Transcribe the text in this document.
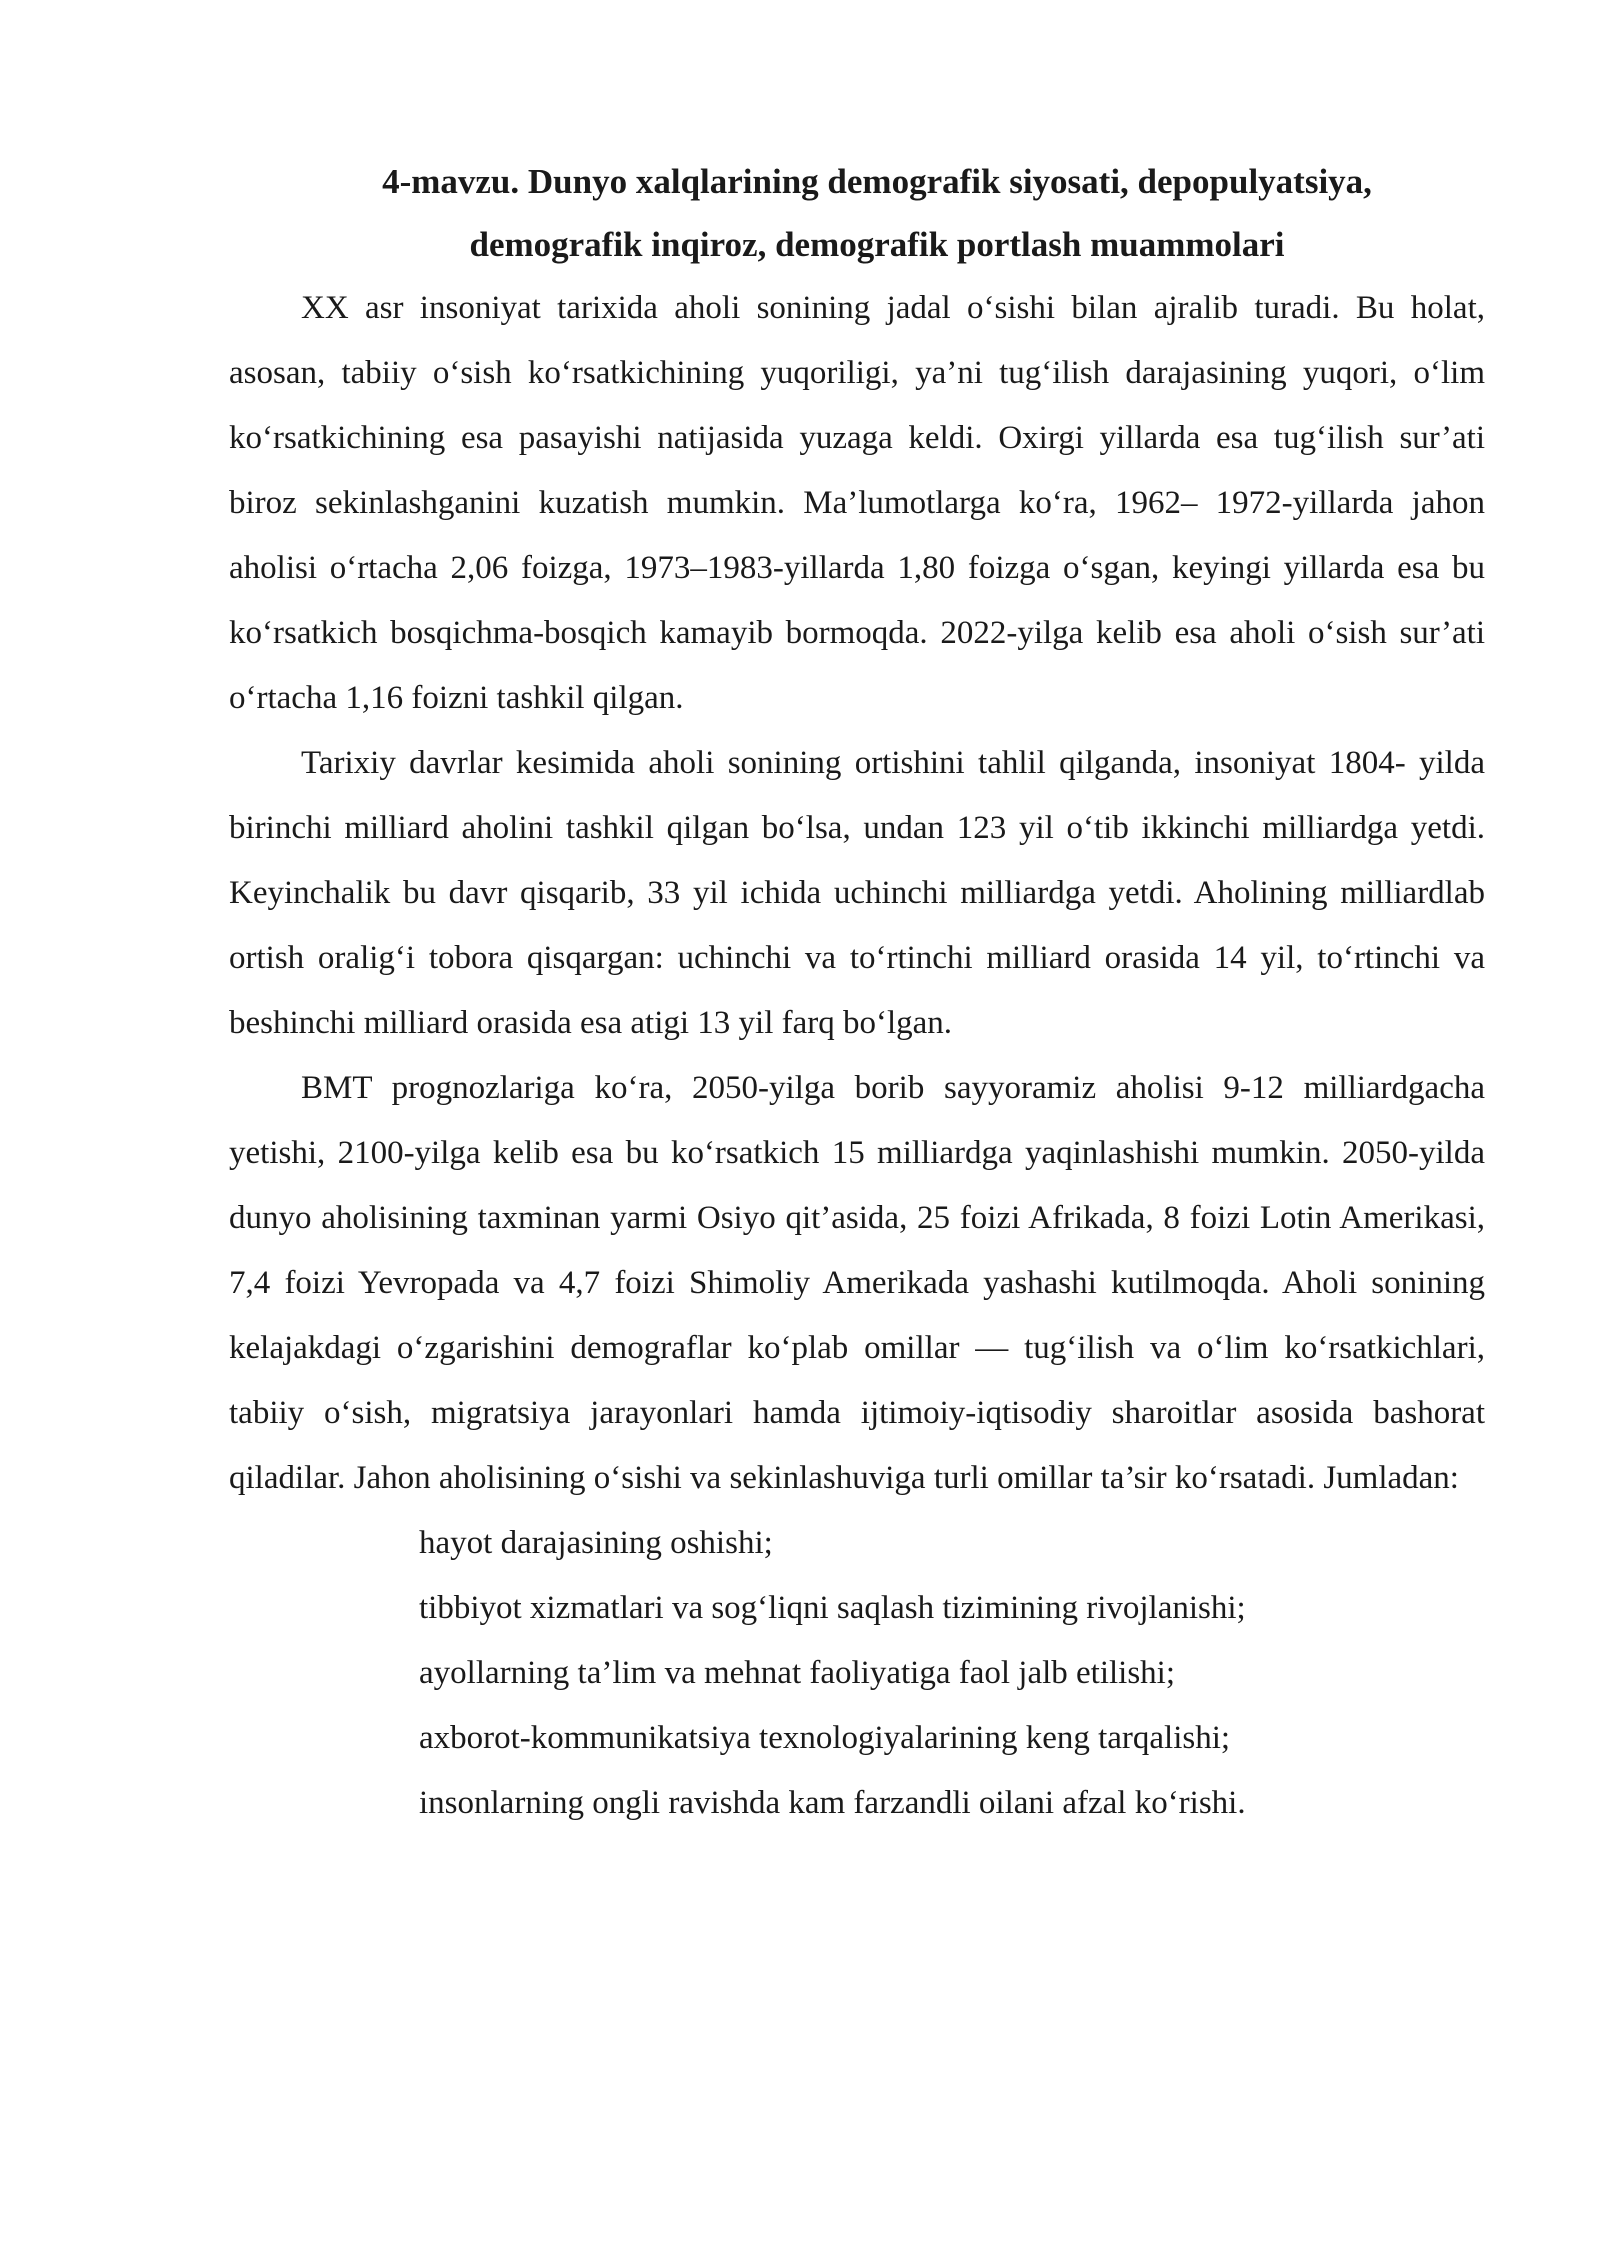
4-mavzu. Dunyo xalqlarining demografik siyosati, depopulyatsiya,
demografik inqiroz, demografik portlash muammolari

XX asr insoniyat tarixida aholi sonining jadal o‘sishi bilan ajralib turadi. Bu holat, asosan, tabiiy o‘sish ko‘rsatkichining yuqoriligi, ya’ni tug‘ilish darajasining yuqori, o‘lim ko‘rsatkichining esa pasayishi natijasida yuzaga keldi. Oxirgi yillarda esa tug‘ilish sur’ati biroz sekinlashganini kuzatish mumkin. Ma’lumotlarga ko‘ra, 1962– 1972-yillarda jahon aholisi o‘rtacha 2,06 foizga, 1973–1983-yillarda 1,80 foizga o‘sgan, keyingi yillarda esa bu ko‘rsatkich bosqichma-bosqich kamayib bormoqda. 2022-yilga kelib esa aholi o‘sish sur’ati o‘rtacha 1,16 foizni tashkil qilgan.

Tarixiy davrlar kesimida aholi sonining ortishini tahlil qilganda, insoniyat 1804- yilda birinchi milliard aholini tashkil qilgan bo‘lsa, undan 123 yil o‘tib ikkinchi milliardga yetdi. Keyinchalik bu davr qisqarib, 33 yil ichida uchinchi milliardga yetdi. Aholining milliardlab ortish oralig‘i tobora qisqargan: uchinchi va to‘rtinchi milliard orasida 14 yil, to‘rtinchi va beshinchi milliard orasida esa atigi 13 yil farq bo‘lgan.

BMT prognozlariga ko‘ra, 2050-yilga borib sayyoramiz aholisi 9-12 milliardgacha yetishi, 2100-yilga kelib esa bu ko‘rsatkich 15 milliardga yaqinlashishi mumkin. 2050-yilda dunyo aholisining taxminan yarmi Osiyo qit’asida, 25 foizi Afrikada, 8 foizi Lotin Amerikasi, 7,4 foizi Yevropada va 4,7 foizi Shimoliy Amerikada yashashi kutilmoqda. Aholi sonining kelajakdagi o‘zgarishini demograflar ko‘plab omillar — tug‘ilish va o‘lim ko‘rsatkichlari, tabiiy o‘sish, migratsiya jarayonlari hamda ijtimoiy-iqtisodiy sharoitlar asosida bashorat qiladilar. Jahon aholisining o‘sishi va sekinlashuviga turli omillar ta’sir ko‘rsatadi. Jumladan:

hayot darajasining oshishi;
tibbiyot xizmatlari va sog‘liqni saqlash tizimining rivojlanishi;
ayollarning ta’lim va mehnat faoliyatiga faol jalb etilishi;
axborot-kommunikatsiya texnologiyalarining keng tarqalishi;
insonlarning ongli ravishda kam farzandli oilani afzal ko‘rishi.
